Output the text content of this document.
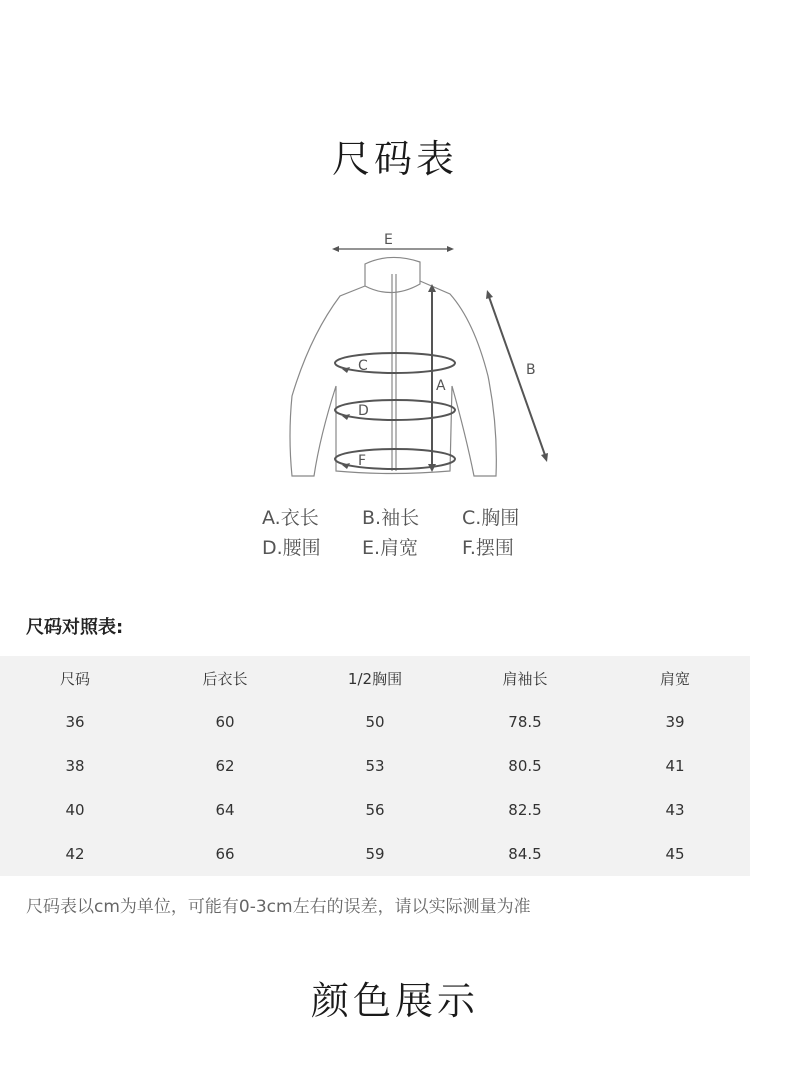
尺码表
E
A
B
C
D
F
A.衣长 B.袖长 C.胸围
D.腰围 E.肩宽 F.摆围
尺码对照表:
尺码	后衣长	1/2胸围	肩袖长	肩宽
36	60	50	78.5	39
38	62	53	80.5	41
40	64	56	82.5	43
42	66	59	84.5	45
尺码表以cm为单位，可能有0-3cm左右的误差，请以实际测量为准
颜色展示
